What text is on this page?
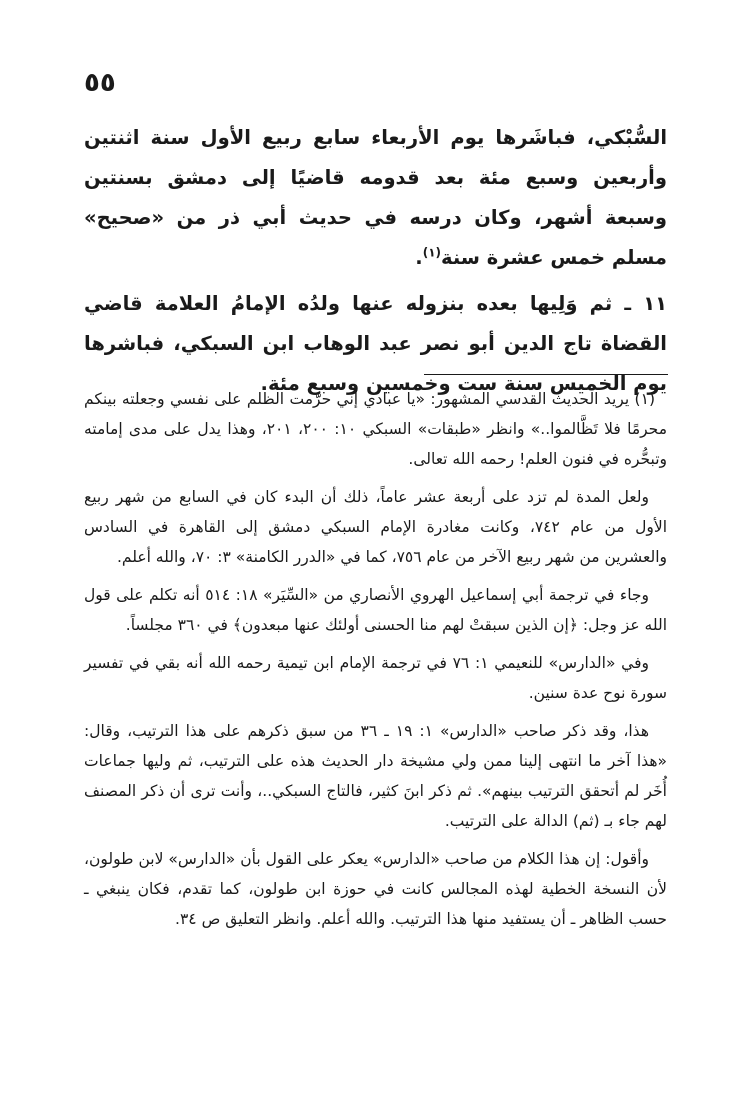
٥٥

السُّبْكي، فباشَرها يوم الأربعاء سابع ربيع الأول سنة اثنتين وأربعين وسبع مئة بعد قدومه قاضيًا إلى دمشق بسنتين وسبعة أشهر، وكان درسه في حديث أبي ذر من «صحيح» مسلم خمس عشرة سنة$^{(١)}$.

١١ ـ ثم وَلِيها بعده بنزوله عنها ولدُه الإمامُ العلامة قاضي القضاة تاج الدين أبو نصر عبد الوهاب ابن السبكي، فباشرها يوم الخميس سنة ست وخمسين وسبع مئة.

(١) يريد الحديث القدسي المشهور: «يا عبادي إني حرَّمت الظلم على نفسي وجعلته بينكم محرمًا فلا تَظَّالموا..» وانظر «طبقات» السبكي ١٠: ٢٠٠، ٢٠١، وهذا يدل على مدى إمامته وتبحُّره في فنون العلم! رحمه الله تعالى.

ولعل المدة لم تزد على أربعة عشر عاماً، ذلك أن البدء كان في السابع من شهر ربيع الأول من عام ٧٤٢، وكانت مغادرة الإمام السبكي دمشق إلى القاهرة في السادس والعشرين من شهر ربيع الآخر من عام ٧٥٦، كما في «الدرر الكامنة» ٣: ٧٠، والله أعلم.

وجاء في ترجمة أبي إسماعيل الهروي الأنصاري من «السِّيَر» ١٨: ٥١٤ أنه تكلم على قول الله عز وجل: ﴿إن الذين سبقتْ لهم منا الحسنى أولئك عنها مبعدون﴾ في ٣٦٠ مجلساً.

وفي «الدارس» للنعيمي ١: ٧٦ في ترجمة الإمام ابن تيمية رحمه الله أنه بقي في تفسير سورة نوح عدة سنين.

هذا، وقد ذكر صاحب «الدارس» ١: ١٩ ـ ٣٦ من سبق ذكرهم على هذا الترتيب، وقال: «هذا آخر ما انتهى إلينا ممن ولي مشيخة دار الحديث هذه على الترتيب، ثم وليها جماعات أُخَر لم أتحقق الترتيب بينهم». ثم ذكر ابنَ كثير، فالتاج السبكي..، وأنت ترى أن ذكر المصنف لهم جاء بـ (ثم) الدالة على الترتيب.

وأقول: إن هذا الكلام من صاحب «الدارس» يعكر على القول بأن «الدارس» لابن طولون، لأن النسخة الخطية لهذه المجالس كانت في حوزة ابن طولون، كما تقدم، فكان ينبغي ـ حسب الظاهر ـ أن يستفيد منها هذا الترتيب. والله أعلم. وانظر التعليق ص ٣٤.
